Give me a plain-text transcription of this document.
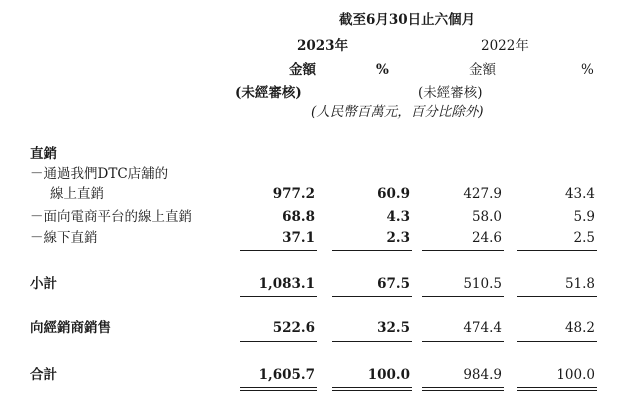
截至6月30日止六個月
2023年	2022年
金額	%	金額	%
(未經審核)	(未經審核)
(人民幣百萬元，百分比除外)
直銷
－通過我們DTC店舖的
線上直銷	977.2	60.9	427.9	43.4
－面向電商平台的線上直銷	68.8	4.3	58.0	5.9
－線下直銷	37.1	2.3	24.6	2.5
小計	1,083.1	67.5	510.5	51.8
向經銷商銷售	522.6	32.5	474.4	48.2
合計	1,605.7	100.0	984.9	100.0
